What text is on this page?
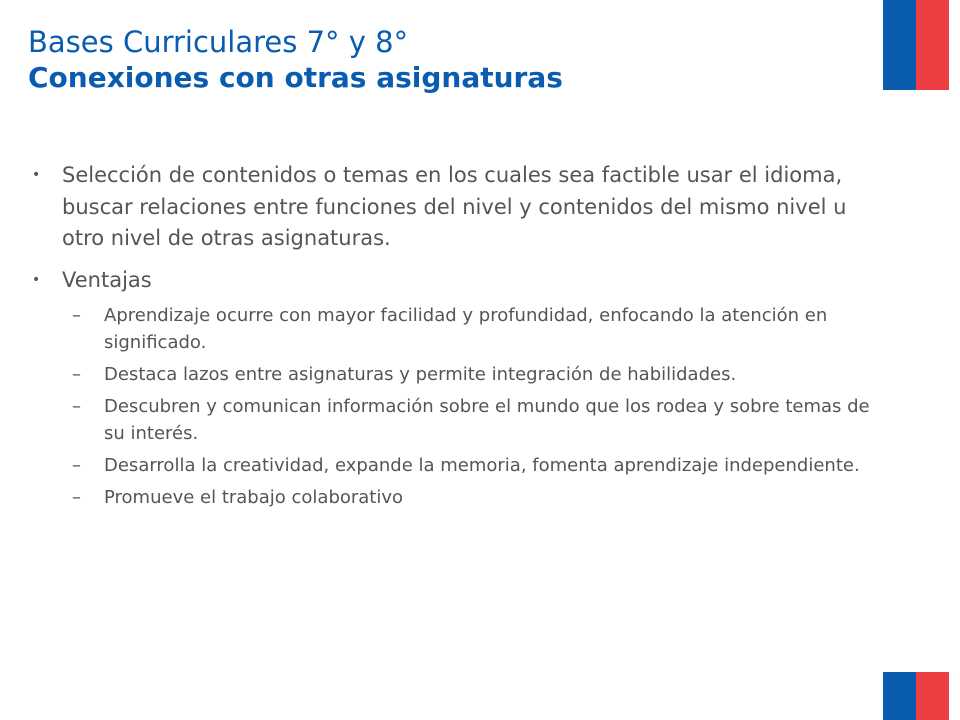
Bases Curriculares 7° y 8°
Conexiones con otras asignaturas
• Selección de contenidos o temas en los cuales sea factible usar el idioma, buscar relaciones entre funciones del nivel y contenidos del mismo nivel u otro nivel de otras asignaturas.
• Ventajas
– Aprendizaje ocurre con mayor facilidad y profundidad, enfocando la atención en significado.
– Destaca lazos entre asignaturas y permite integración de habilidades.
– Descubren y comunican información sobre el mundo que los rodea y sobre temas de su interés.
– Desarrolla la creatividad, expande la memoria, fomenta aprendizaje independiente.
– Promueve el trabajo colaborativo
